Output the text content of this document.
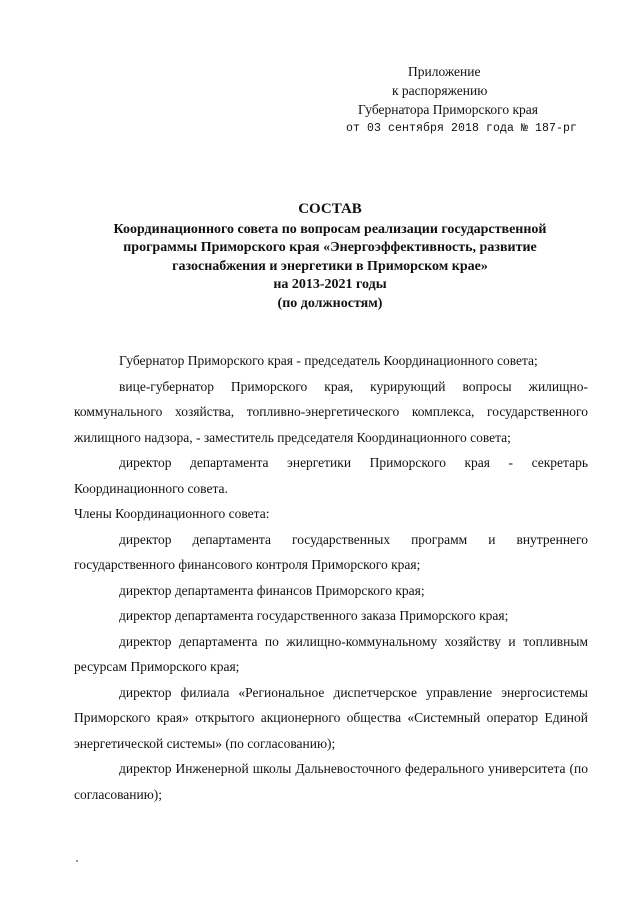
Приложение
к распоряжению
Губернатора Приморского края
от 03 сентября 2018 года № 187-рг
СОСТАВ
Координационного совета по вопросам реализации государственной
программы Приморского края «Энергоэффективность, развитие
газоснабжения и энергетики в Приморском крае»
на 2013-2021 годы
(по должностям)

Губернатор Приморского края - председатель Координационного совета;

вице-губернатор Приморского края, курирующий вопросы жилищно-коммунального хозяйства, топливно-энергетического комплекса, государственного жилищного надзора, - заместитель председателя Координационного совета;

директор департамента энергетики Приморского края - секретарь Координационного совета.

Члены Координационного совета:

директор департамента государственных программ и внутреннего государственного финансового контроля Приморского края;

директор департамента финансов Приморского края;

директор департамента государственного заказа Приморского края;

директор департамента по жилищно-коммунальному хозяйству и топливным ресурсам Приморского края;

директор филиала «Региональное диспетчерское управление энергосистемы Приморского края» открытого акционерного общества «Системный оператор Единой энергетической системы» (по согласованию);

директор Инженерной школы Дальневосточного федерального университета (по согласованию);
